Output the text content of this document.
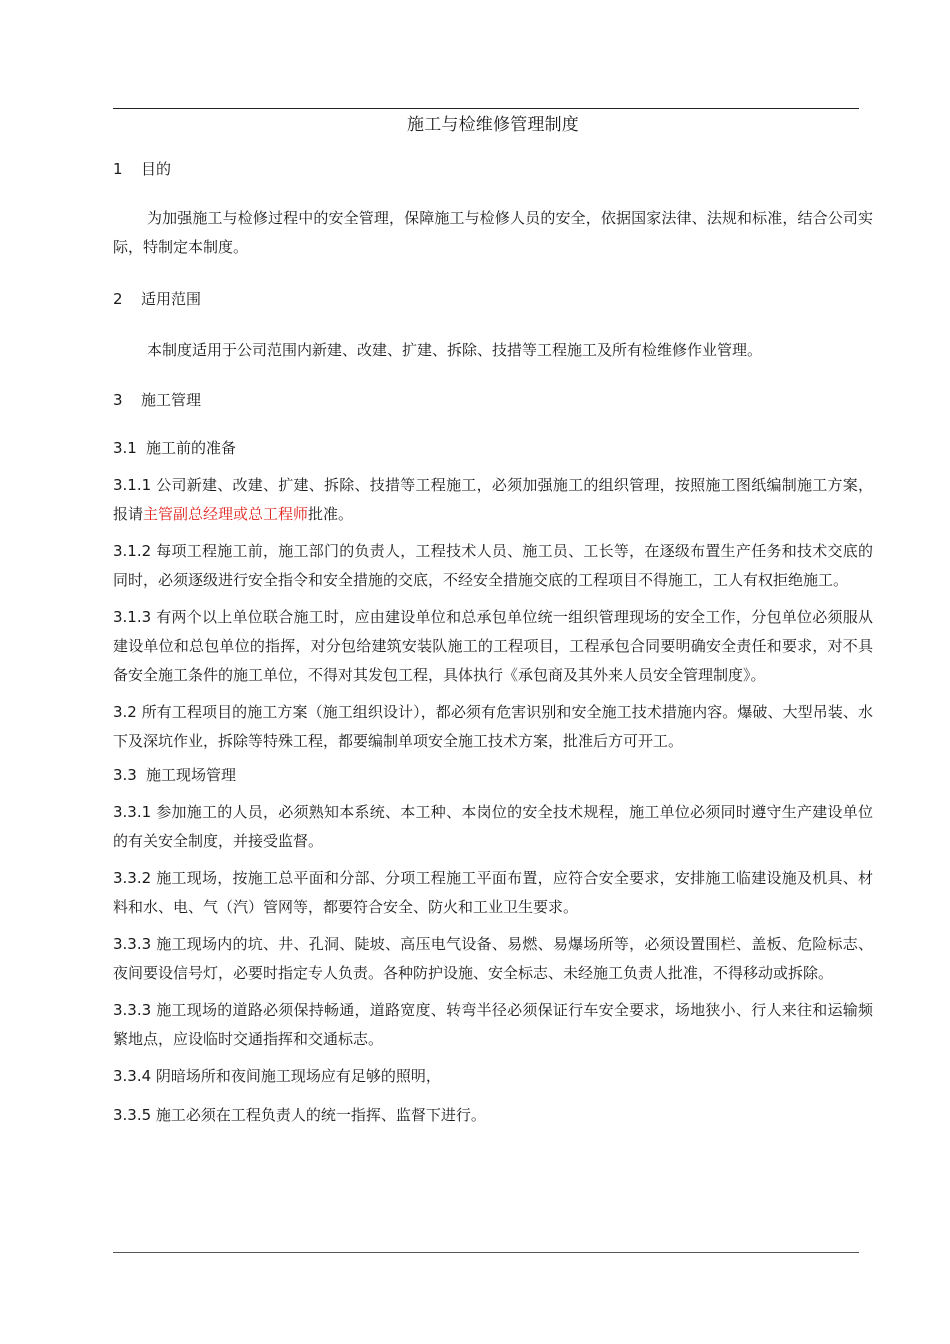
施工与检维修管理制度
1 目的

为加强施工与检修过程中的安全管理，保障施工与检修人员的安全，依据国家法律、法规和标准，结合公司实际，特制定本制度。

2 适用范围

本制度适用于公司范围内新建、改建、扩建、拆除、技措等工程施工及所有检维修作业管理。

3 施工管理
3.1 施工前的准备

3.1.1 公司新建、改建、扩建、拆除、技措等工程施工，必须加强施工的组织管理，按照施工图纸编制施工方案，报请主管副总经理或总工程师批准。

3.1.2 每项工程施工前，施工部门的负责人，工程技术人员、施工员、工长等，在逐级布置生产任务和技术交底的同时，必须逐级进行安全指令和安全措施的交底，不经安全措施交底的工程项目不得施工，工人有权拒绝施工。

3.1.3 有两个以上单位联合施工时，应由建设单位和总承包单位统一组织管理现场的安全工作，分包单位必须服从建设单位和总包单位的指挥，对分包给建筑安装队施工的工程项目，工程承包合同要明确安全责任和要求，对不具备安全施工条件的施工单位，不得对其发包工程，具体执行《承包商及其外来人员安全管理制度》。

3.2 所有工程项目的施工方案（施工组织设计），都必须有危害识别和安全施工技术措施内容。爆破、大型吊装、水下及深坑作业，拆除等特殊工程，都要编制单项安全施工技术方案，批准后方可开工。

3.3 施工现场管理

3.3.1 参加施工的人员，必须熟知本系统、本工种、本岗位的安全技术规程，施工单位必须同时遵守生产建设单位的有关安全制度，并接受监督。

3.3.2 施工现场，按施工总平面和分部、分项工程施工平面布置，应符合安全要求，安排施工临建设施及机具、材料和水、电、气（汽）管网等，都要符合安全、防火和工业卫生要求。

3.3.3 施工现场内的坑、井、孔洞、陡坡、高压电气设备、易燃、易爆场所等，必须设置围栏、盖板、危险标志、夜间要设信号灯，必要时指定专人负责。各种防护设施、安全标志、未经施工负责人批准，不得移动或拆除。

3.3.3 施工现场的道路必须保持畅通，道路宽度、转弯半径必须保证行车安全要求，场地狭小、行人来往和运输频繁地点，应设临时交通指挥和交通标志。

3.3.4 阴暗场所和夜间施工现场应有足够的照明，

3.3.5 施工必须在工程负责人的统一指挥、监督下进行。
